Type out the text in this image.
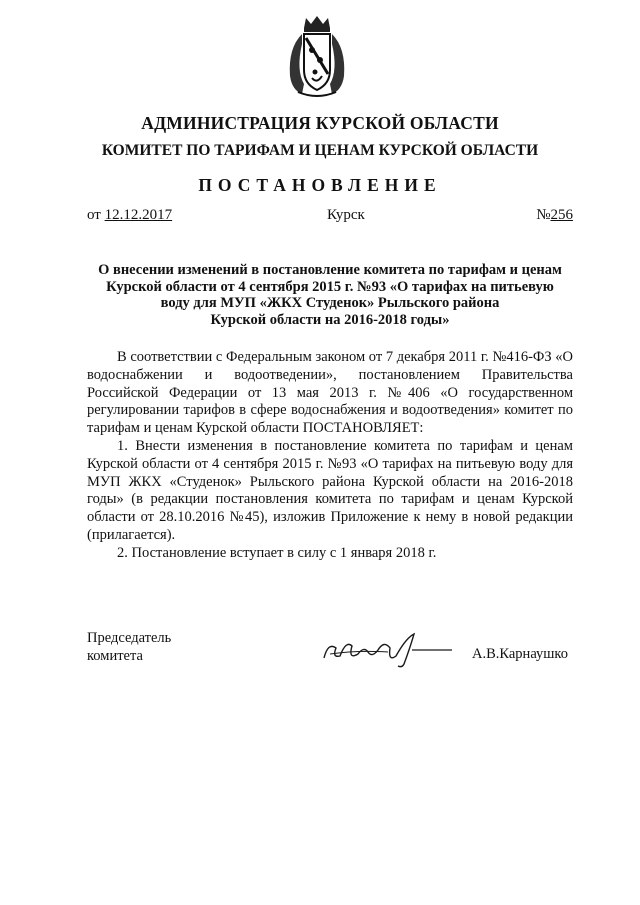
АДМИНИСТРАЦИЯ КУРСКОЙ ОБЛАСТИ
КОМИТЕТ ПО ТАРИФАМ И ЦЕНАМ КУРСКОЙ ОБЛАСТИ
ПОСТАНОВЛЕНИЕ
от 12.12.2017	Курск	№256
О внесении изменений в постановление комитета по тарифам и ценам
Курской области от 4 сентября 2015 г. №93 «О тарифах на питьевую
воду для МУП «ЖКХ Студенок» Рыльского района
Курской области на 2016-2018 годы»

В соответствии с Федеральным законом от 7 декабря 2011 г. №416-ФЗ «О водоснабжении и водоотведении», постановлением Правительства Российской Федерации от 13 мая 2013 г. №406 «О государственном регулировании тарифов в сфере водоснабжения и водоотведения» комитет по тарифам и ценам Курской области ПОСТАНОВЛЯЕТ:

1. Внести изменения в постановление комитета по тарифам и ценам Курской области от 4 сентября 2015 г. №93 «О тарифах на питьевую воду для МУП ЖКХ «Студенок» Рыльского района Курской области на 2016-2018 годы» (в редакции постановления комитета по тарифам и ценам Курской области от 28.10.2016 №45), изложив Приложение к нему в новой редакции (прилагается).

2. Постановление вступает в силу с 1 января 2018 г.

Председатель
комитета	А.В.Карнаушко
